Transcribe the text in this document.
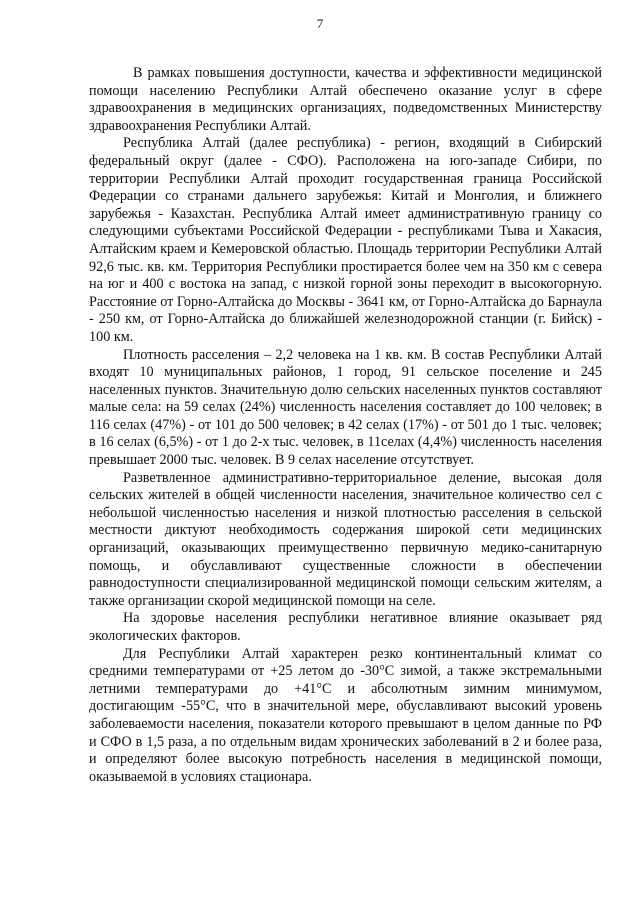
7

В рамках повышения доступности, качества и эффективности медицинской помощи населению Республики Алтай обеспечено оказание услуг в сфере здравоохранения в медицинских организациях, подведомственных Министерству здравоохранения Республики Алтай.

Республика Алтай (далее республика) - регион, входящий в Сибирский федеральный округ (далее - СФО). Расположена на юго-западе Сибири, по территории Республики Алтай проходит государственная граница Российской Федерации со странами дальнего зарубежья: Китай и Монголия, и ближнего зарубежья - Казахстан. Республика Алтай имеет административную границу со следующими субъектами Российской Федерации - республиками Тыва и Хакасия, Алтайским краем и Кемеровской областью. Площадь территории Республики Алтай 92,6 тыс. кв. км. Территория Республики простирается более чем на 350 км с севера на юг и 400 с востока на запад, с низкой горной зоны переходит в высокогорную. Расстояние от Горно-Алтайска до Москвы - 3641 км, от Горно-Алтайска до Барнаула - 250 км, от Горно-Алтайска до ближайшей железнодорожной станции (г. Бийск) - 100 км.

Плотность расселения – 2,2 человека на 1 кв. км. В состав Республики Алтай входят 10 муниципальных районов, 1 город, 91 сельское поселение и 245 населенных пунктов. Значительную долю сельских населенных пунктов составляют малые села: на 59 селах (24%) численность населения составляет до 100 человек; в 116 селах (47%) - от 101 до 500 человек; в 42 селах (17%) - от 501 до 1 тыс. человек; в 16 селах (6,5%) - от 1 до 2-х тыс. человек, в 11селах (4,4%) численность населения превышает 2000 тыс. человек. В 9 селах население отсутствует.

Разветвленное административно-территориальное деление, высокая доля сельских жителей в общей численности населения, значительное количество сел с небольшой численностью населения и низкой плотностью расселения в сельской местности диктуют необходимость содержания широкой сети медицинских организаций, оказывающих преимущественно первичную медико-санитарную помощь, и обуславливают существенные сложности в обеспечении равнодоступности специализированной медицинской помощи сельским жителям, а также организации скорой медицинской помощи на селе.

На здоровье населения республики негативное влияние оказывает ряд экологических факторов.

Для Республики Алтай характерен резко континентальный климат со средними температурами от +25 летом до -30°С зимой, а также экстремальными летними температурами до +41°С и абсолютным зимним минимумом, достигающим -55°С, что в значительной мере, обуславливают высокий уровень заболеваемости населения, показатели которого превышают в целом данные по РФ и СФО в 1,5 раза, а по отдельным видам хронических заболеваний в 2 и более раза, и определяют более высокую потребность населения в медицинской помощи, оказываемой в условиях стационара.
